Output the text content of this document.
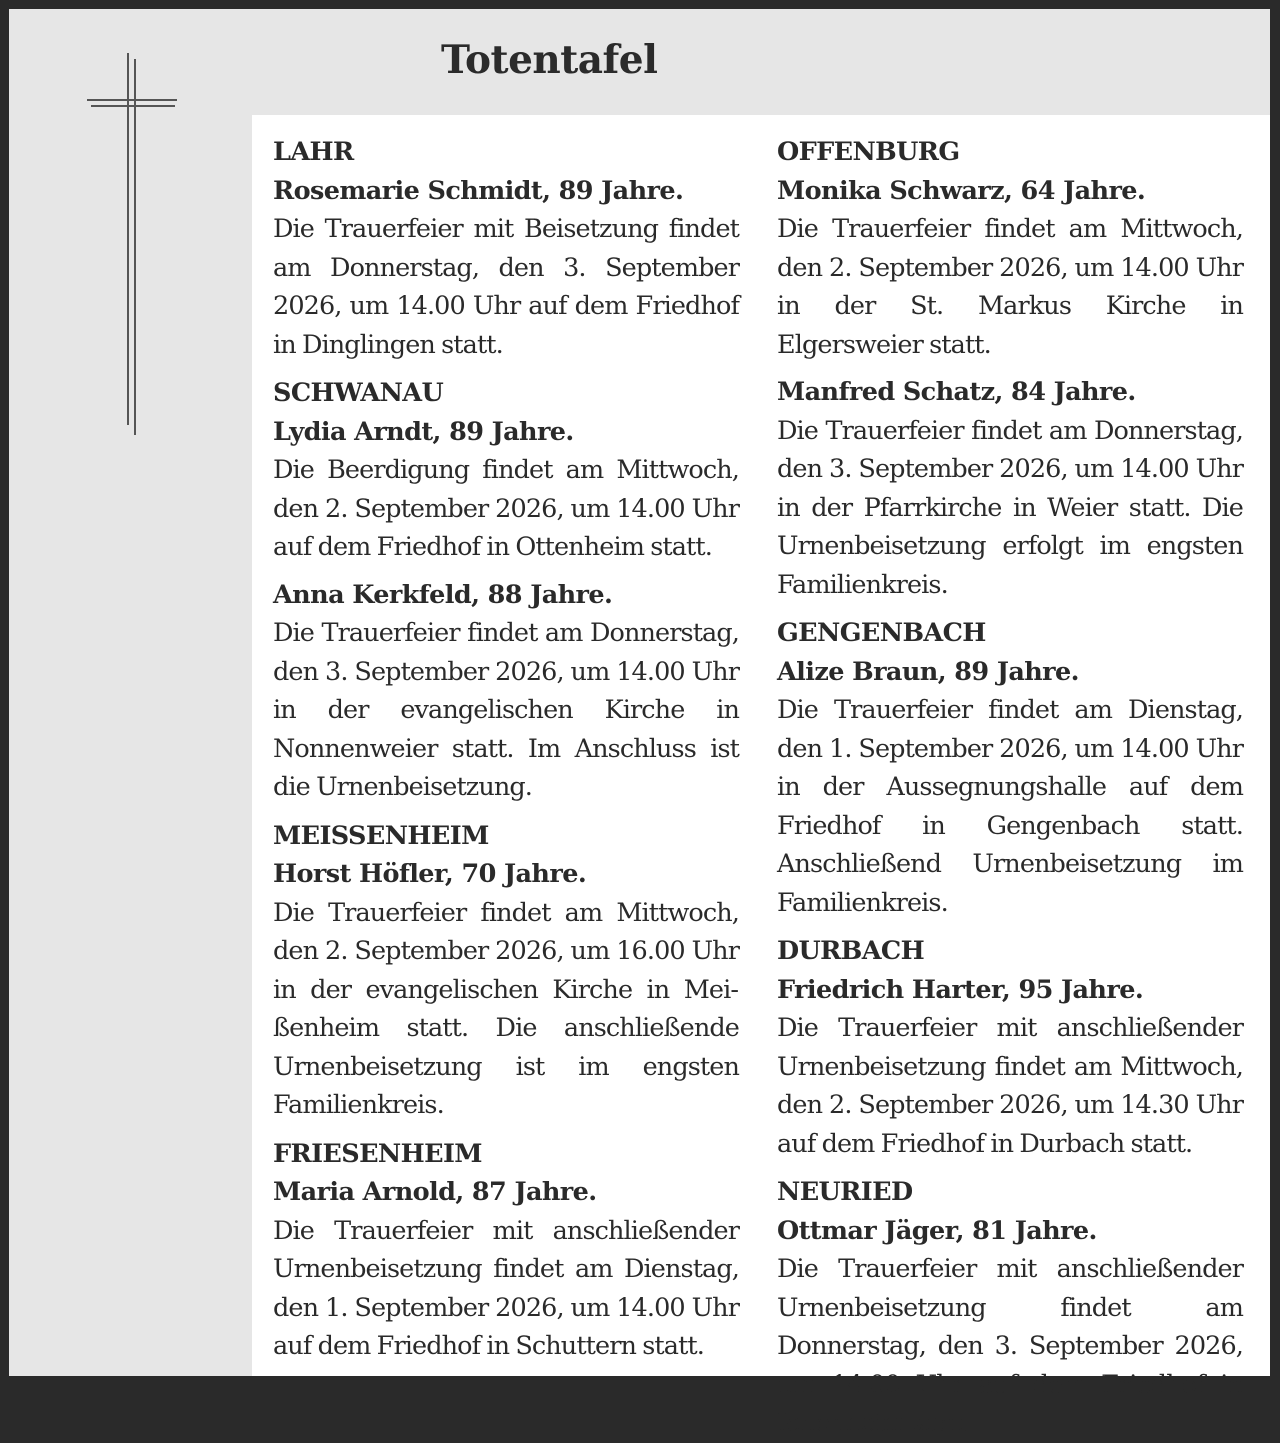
Totentafel
LAHR
Rosemarie Schmidt, 89 Jahre.
Die Trauerfeier mit Beisetzung findet am Donnerstag, den 3. September 2026, um 14.00 Uhr auf dem Friedhof in Dinglingen statt.
SCHWANAU
Lydia Arndt, 89 Jahre.
Die Beerdigung findet am Mittwoch, den 2. September 2026, um 14.00 Uhr auf dem Friedhof in Ottenheim statt.
Anna Kerkfeld, 88 Jahre.
Die Trauerfeier findet am Donnerstag, den 3. September 2026, um 14.00 Uhr in der evangelischen Kirche in Nonnenweier statt. Im Anschluss ist die Urnenbeisetzung.
MEISSENHEIM
Horst Höfler, 70 Jahre.
Die Trauerfeier findet am Mittwoch, den 2. September 2026, um 16.00 Uhr in der evangelischen Kirche in Meißenheim statt. Die anschließende Urnenbeisetzung ist im engsten Familienkreis.
FRIESENHEIM
Maria Arnold, 87 Jahre.
Die Trauerfeier mit anschließender Urnenbeisetzung findet am Dienstag, den 1. September 2026, um 14.00 Uhr auf dem Friedhof in Schuttern statt.
OFFENBURG
Monika Schwarz, 64 Jahre.
Die Trauerfeier findet am Mittwoch, den 2. September 2026, um 14.00 Uhr in der St. Markus Kirche in Elgersweier statt.
Manfred Schatz, 84 Jahre.
Die Trauerfeier findet am Donnerstag, den 3. September 2026, um 14.00 Uhr in der Pfarrkirche in Weier statt. Die Urnenbeisetzung erfolgt im engsten Familienkreis.
GENGENBACH
Alize Braun, 89 Jahre.
Die Trauerfeier findet am Dienstag, den 1. September 2026, um 14.00 Uhr in der Aussegnungshalle auf dem Friedhof in Gengenbach statt. Anschließend Urnenbeisetzung im Familienkreis.
DURBACH
Friedrich Harter, 95 Jahre.
Die Trauerfeier mit anschließender Urnenbeisetzung findet am Mittwoch, den 2. September 2026, um 14.30 Uhr auf dem Friedhof in Durbach statt.
NEURIED
Ottmar Jäger, 81 Jahre.
Die Trauerfeier mit anschließender Urnenbeisetzung findet am Donnerstag, den 3. September 2026, um 14.00 Uhr auf dem Friedhof in Ichenheim statt.
